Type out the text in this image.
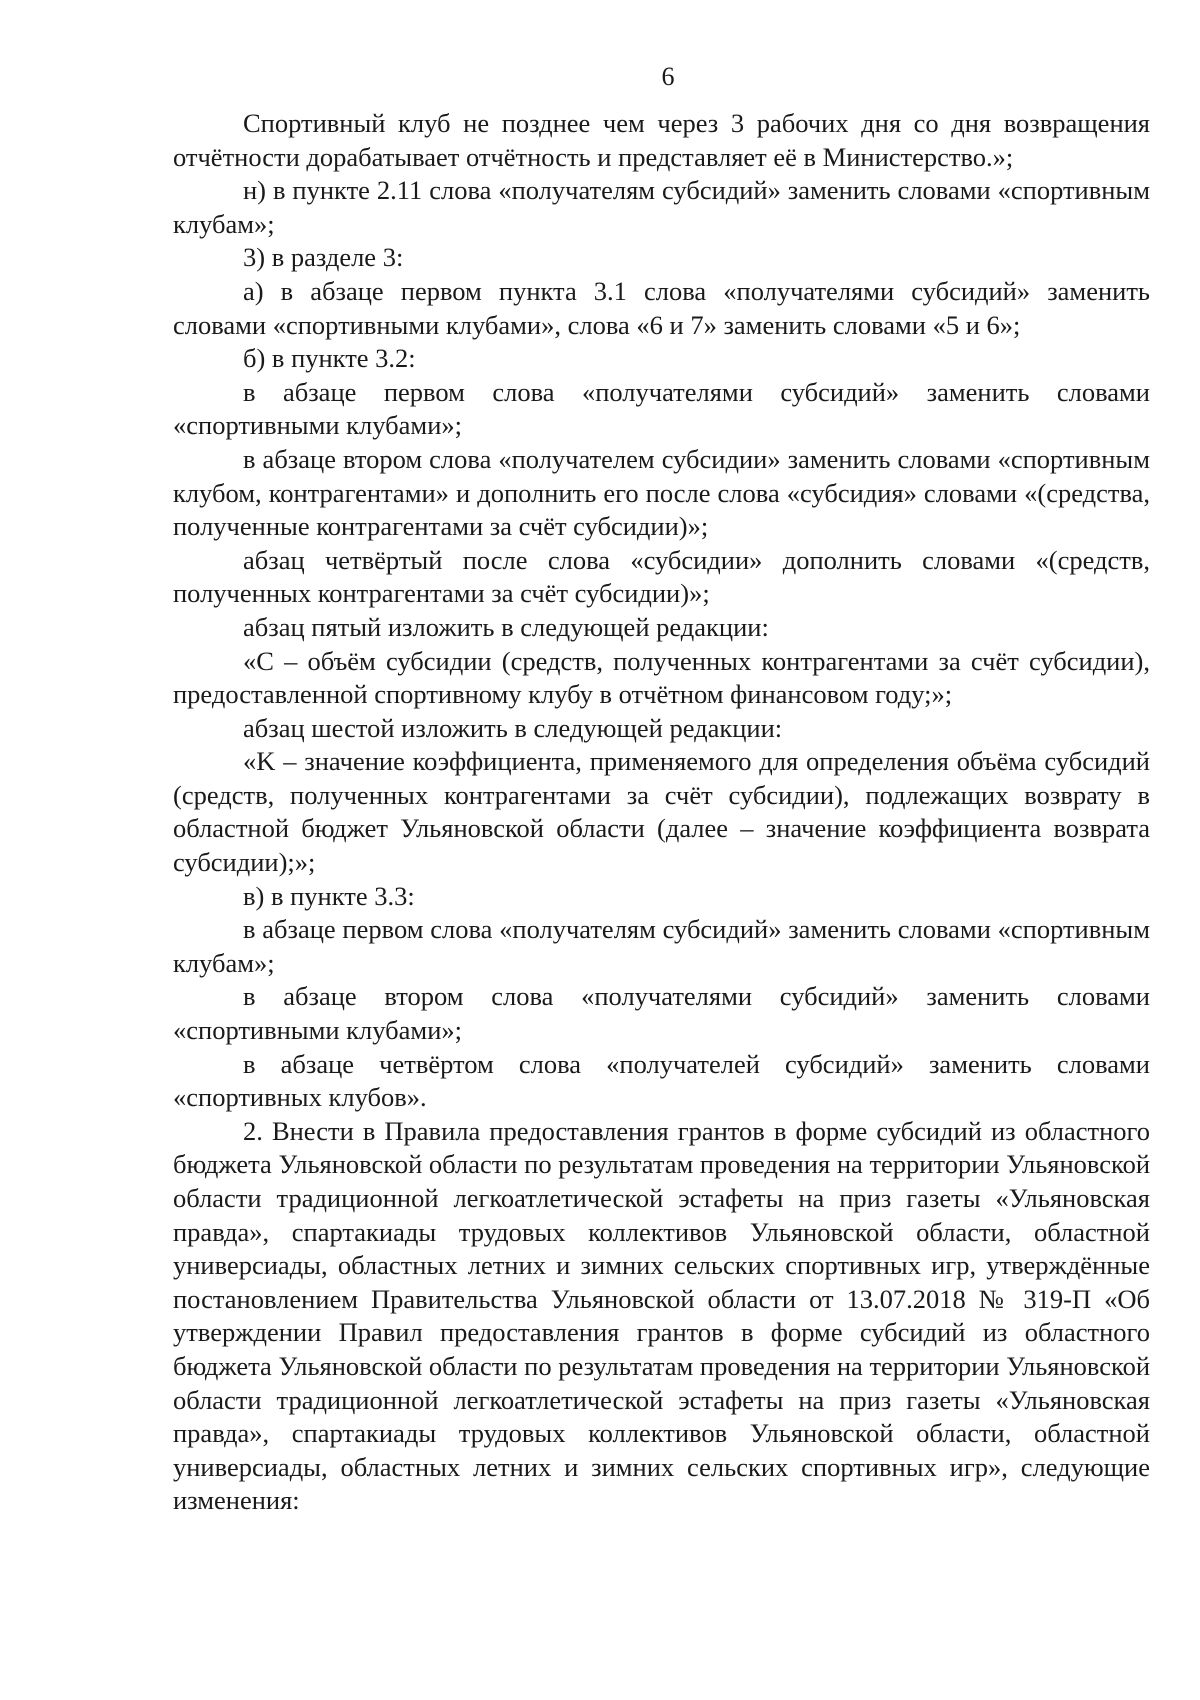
6

Спортивный клуб не позднее чем через 3 рабочих дня со дня возвращения отчётности дорабатывает отчётность и представляет её в Министерство.»;

н) в пункте 2.11 слова «получателям субсидий» заменить словами «спортивным клубам»;

3) в разделе 3:

а) в абзаце первом пункта 3.1 слова «получателями субсидий» заменить словами «спортивными клубами», слова «6 и 7» заменить словами «5 и 6»;

б) в пункте 3.2:

в абзаце первом слова «получателями субсидий» заменить словами «спортивными клубами»;

в абзаце втором слова «получателем субсидии» заменить словами «спортивным клубом, контрагентами» и дополнить его после слова «субсидия» словами «(средства, полученные контрагентами за счёт субсидии)»;

абзац четвёртый после слова «субсидии» дополнить словами «(средств, полученных контрагентами за счёт субсидии)»;

абзац пятый изложить в следующей редакции:

«C – объём субсидии (средств, полученных контрагентами за счёт субсидии), предоставленной спортивному клубу в отчётном финансовом году;»;

абзац шестой изложить в следующей редакции:

«K – значение коэффициента, применяемого для определения объёма субсидий (средств, полученных контрагентами за счёт субсидии), подлежащих возврату в областной бюджет Ульяновской области (далее – значение коэффициента возврата субсидии);»;

в) в пункте 3.3:

в абзаце первом слова «получателям субсидий» заменить словами «спортивным клубам»;

в абзаце втором слова «получателями субсидий» заменить словами «спортивными клубами»;

в абзаце четвёртом слова «получателей субсидий» заменить словами «спортивных клубов».

2. Внести в Правила предоставления грантов в форме субсидий из областного бюджета Ульяновской области по результатам проведения на территории Ульяновской области традиционной легкоатлетической эстафеты на приз газеты «Ульяновская правда», спартакиады трудовых коллективов Ульяновской области, областной универсиады, областных летних и зимних сельских спортивных игр, утверждённые постановлением Правительства Ульяновской области от 13.07.2018 № 319-П «Об утверждении Правил предоставления грантов в форме субсидий из областного бюджета Ульяновской области по результатам проведения на территории Ульяновской области традиционной легкоатлетической эстафеты на приз газеты «Ульяновская правда», спартакиады трудовых коллективов Ульяновской области, областной универсиады, областных летних и зимних сельских спортивных игр», следующие изменения:
